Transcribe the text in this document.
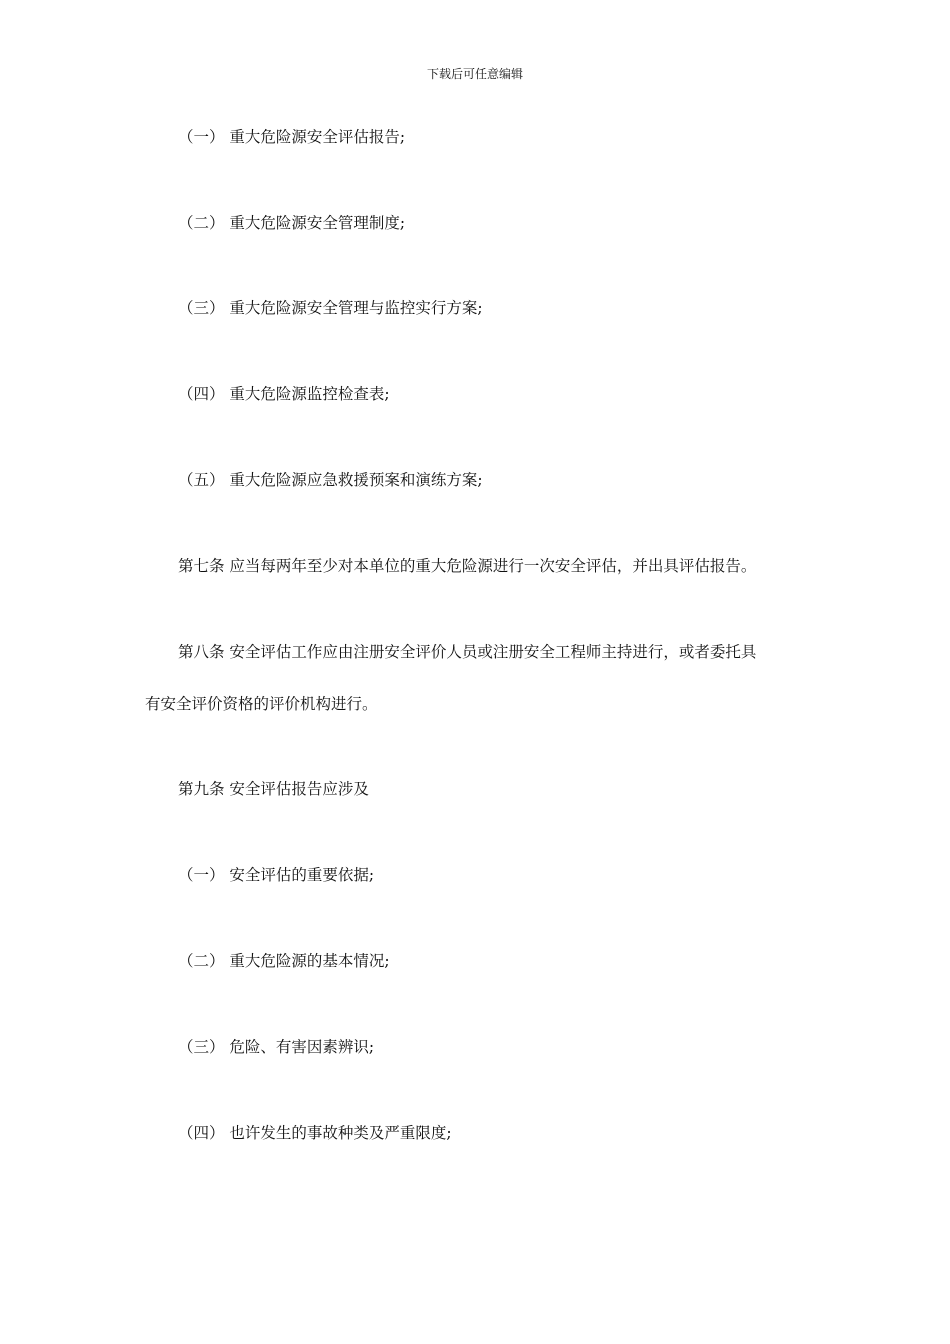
下载后可任意编辑
（一） 重大危险源安全评估报告;
（二） 重大危险源安全管理制度;
（三） 重大危险源安全管理与监控实行方案;
（四） 重大危险源监控检查表;
（五） 重大危险源应急救援预案和演练方案;
第七条 应当每两年至少对本单位的重大危险源进行一次安全评估，并出具评估报告。
第八条 安全评估工作应由注册安全评价人员或注册安全工程师主持进行，或者委托具
有安全评价资格的评价机构进行。
第九条 安全评估报告应涉及
（一） 安全评估的重要依据;
（二） 重大危险源的基本情况;
（三） 危险、有害因素辨识;
（四） 也许发生的事故种类及严重限度;
